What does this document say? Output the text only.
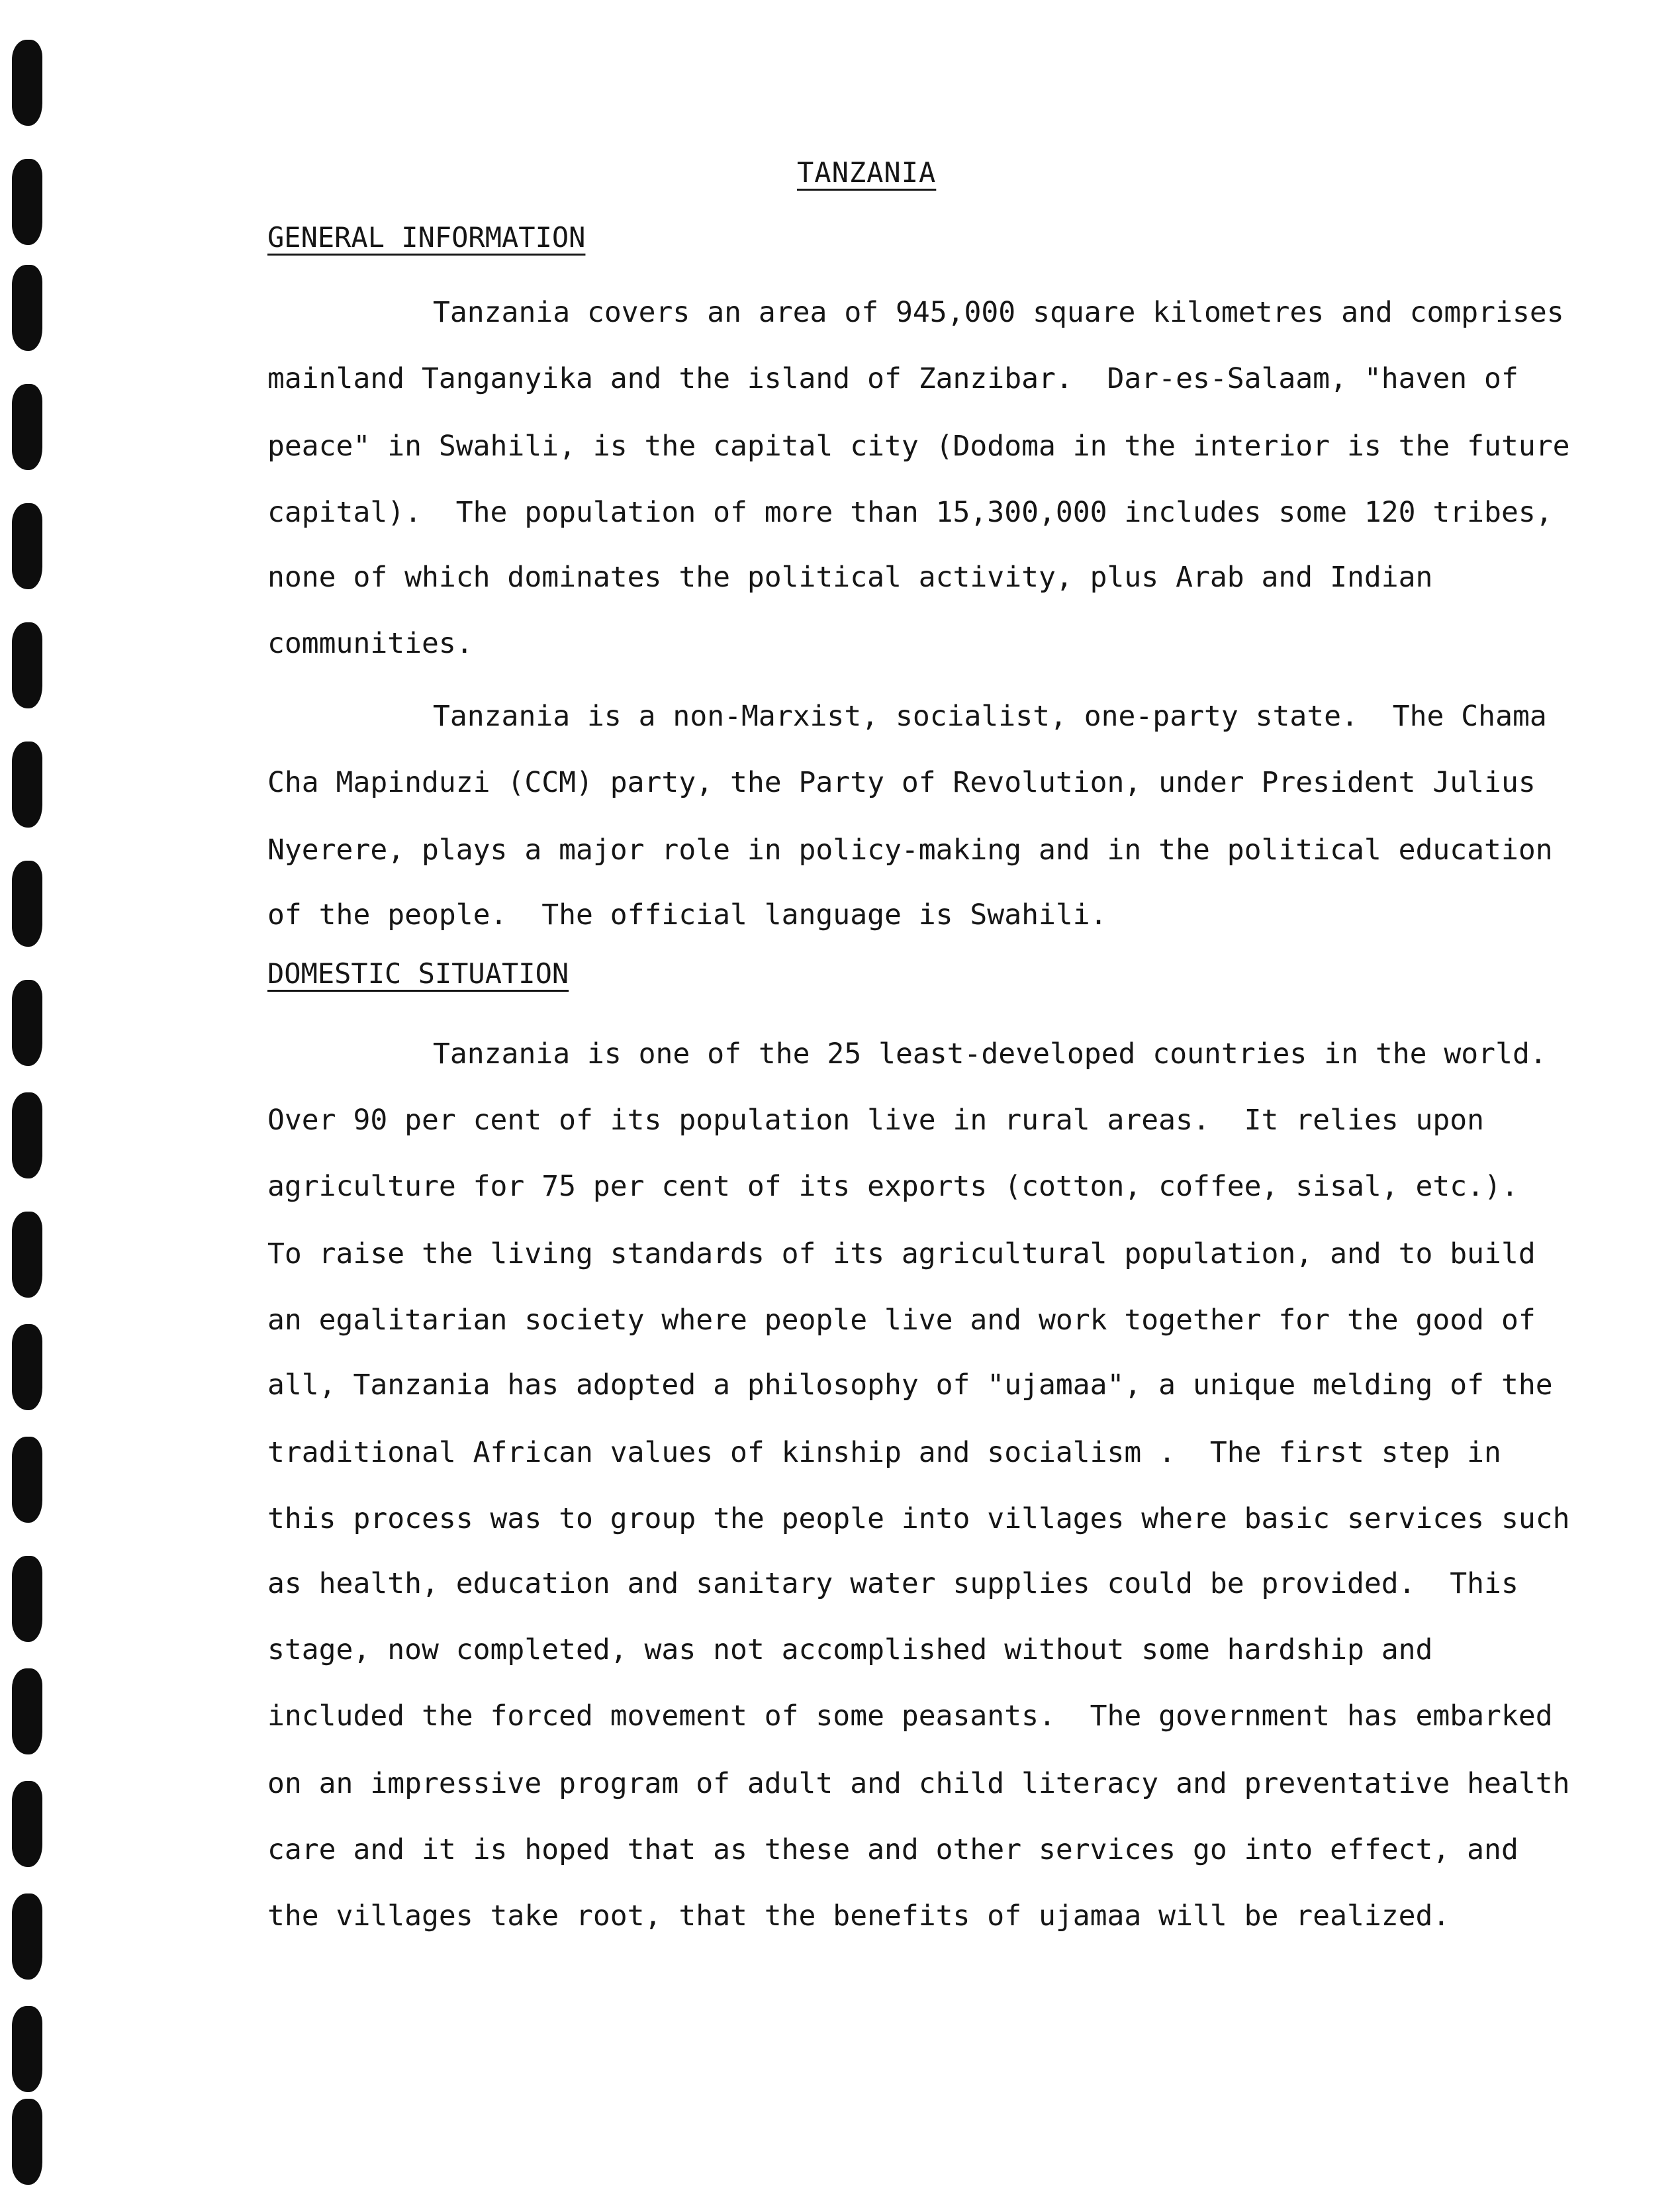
TANZANIA
GENERAL INFORMATION
Tanzania covers an area of 945,000 square kilometres and comprises
mainland Tanganyika and the island of Zanzibar.  Dar-es-Salaam, "haven of
peace" in Swahili, is the capital city (Dodoma in the interior is the future
capital).  The population of more than 15,300,000 includes some 120 tribes,
none of which dominates the political activity, plus Arab and Indian
communities.
Tanzania is a non-Marxist, socialist, one-party state.  The Chama
Cha Mapinduzi (CCM) party, the Party of Revolution, under President Julius
Nyerere, plays a major role in policy-making and in the political education
of the people.  The official language is Swahili.
DOMESTIC SITUATION
Tanzania is one of the 25 least-developed countries in the world.
Over 90 per cent of its population live in rural areas.  It relies upon
agriculture for 75 per cent of its exports (cotton, coffee, sisal, etc.).
To raise the living standards of its agricultural population, and to build
an egalitarian society where people live and work together for the good of
all, Tanzania has adopted a philosophy of "ujamaa", a unique melding of the
traditional African values of kinship and socialism .  The first step in
this process was to group the people into villages where basic services such
as health, education and sanitary water supplies could be provided.  This
stage, now completed, was not accomplished without some hardship and
included the forced movement of some peasants.  The government has embarked
on an impressive program of adult and child literacy and preventative health
care and it is hoped that as these and other services go into effect, and
the villages take root, that the benefits of ujamaa will be realized.
